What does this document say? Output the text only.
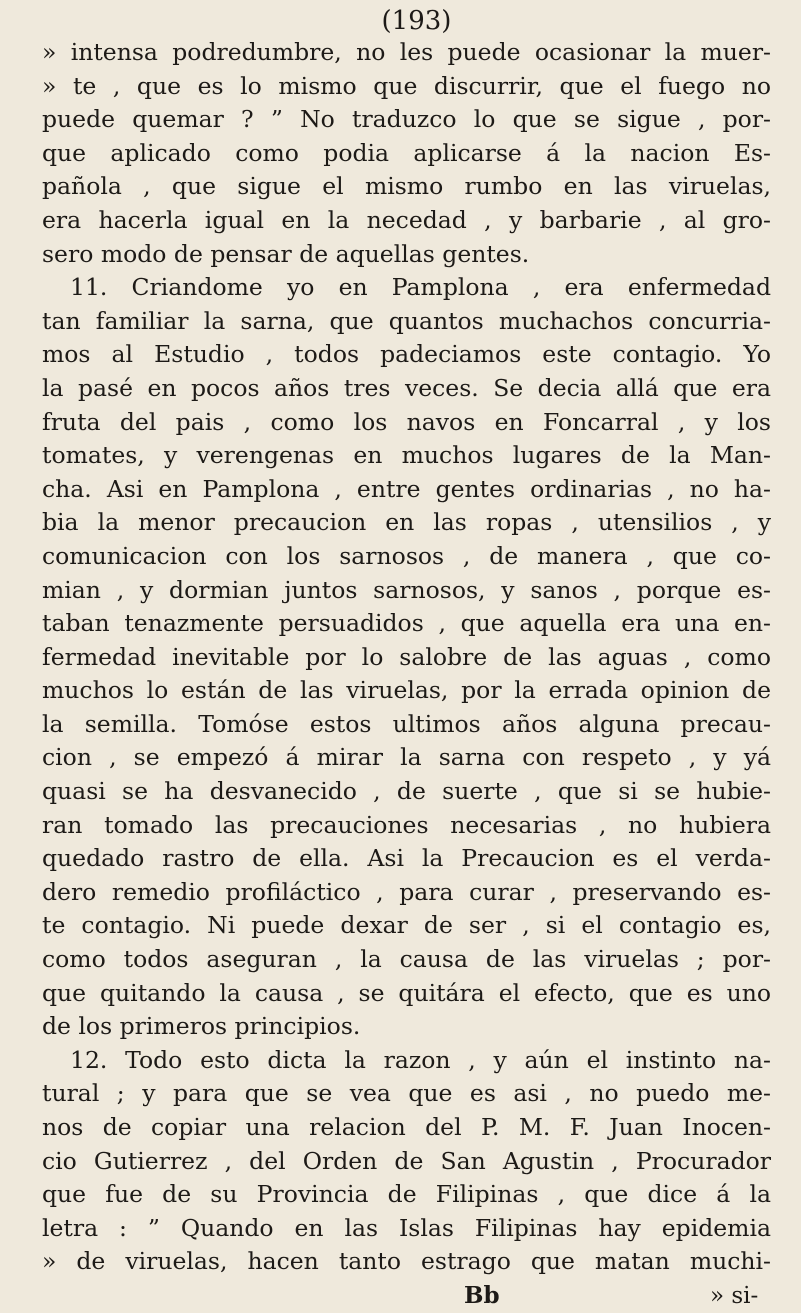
(193)
» intensa podredumbre, no les puede ocasionar la muer-
» te , que es lo mismo que discurrir, que el fuego no
puede quemar ? ” No traduzco lo que se sigue , por-
que aplicado como podia aplicarse á la nacion Es-
pañola , que sigue el mismo rumbo en las viruelas,
era hacerla igual en la necedad , y barbarie , al gro-
sero modo de pensar de aquellas gentes.
11. Criandome yo en Pamplona , era enfermedad
tan familiar la sarna, que quantos muchachos concurria-
mos al Estudio , todos padeciamos este contagio. Yo
la pasé en pocos años tres veces. Se decia allá que era
fruta del pais , como los navos en Foncarral , y los
tomates, y verengenas en muchos lugares de la Man-
cha. Asi en Pamplona , entre gentes ordinarias , no ha-
bia la menor precaucion en las ropas , utensilios , y
comunicacion con los sarnosos , de manera , que co-
mian , y dormian juntos sarnosos, y sanos , porque es-
taban tenazmente persuadidos , que aquella era una en-
fermedad inevitable por lo salobre de las aguas , como
muchos lo están de las viruelas, por la errada opinion de
la semilla. Tomóse estos ultimos años alguna precau-
cion , se empezó á mirar la sarna con respeto , y yá
quasi se ha desvanecido , de suerte , que si se hubie-
ran tomado las precauciones necesarias , no hubiera
quedado rastro de ella. Asi la Precaucion es el verda-
dero remedio profiláctico , para curar , preservando es-
te contagio. Ni puede dexar de ser , si el contagio es,
como todos aseguran , la causa de las viruelas ; por-
que quitando la causa , se quitára el efecto, que es uno
de los primeros principios.
12. Todo esto dicta la razon , y aún el instinto na-
tural ; y para que se vea que es asi , no puedo me-
nos de copiar una relacion del P. M. F. Juan Inocen-
cio Gutierrez , del Orden de San Agustin , Procurador
que fue de su Provincia de Filipinas , que dice á la
letra : ” Quando en las Islas Filipinas hay epidemia
» de viruelas, hacen tanto estrago que matan muchi-
Bb	» si-
